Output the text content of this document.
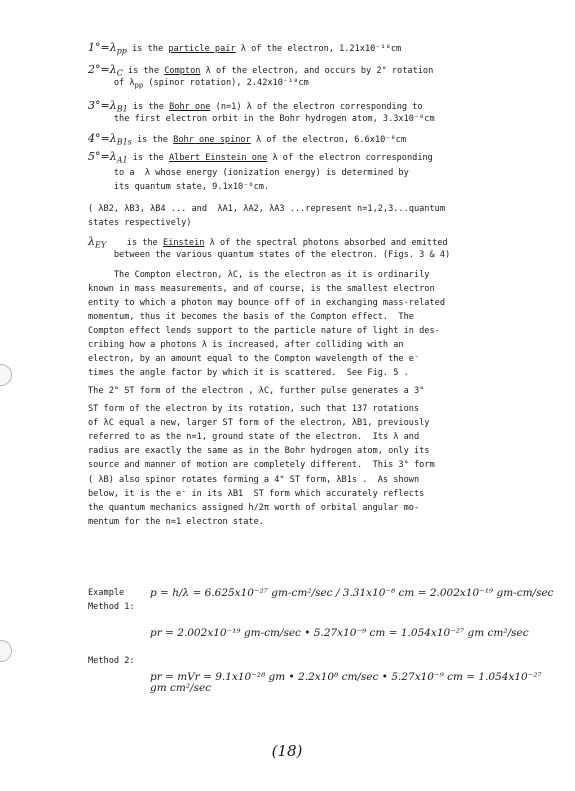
$1^\circ=\lambda_{pp}$ is the particle pair λ of the electron, 1.21x10⁻¹⁰cm
$2^\circ=\lambda_C$ is the Compton λ of the electron, and occurs by 2° rotation
of $\lambda_{pp}$ (spinor rotation), 2.42x10⁻¹⁰cm
$3^\circ=\lambda_{B1}$ is the Bohr one (n=1) λ of the electron corresponding to
the first electron orbit in the Bohr hydrogen atom, 3.3x10⁻⁸cm
$4^\circ=\lambda_{B1s}$ is the Bohr one spinor λ of the electron, 6.6x10⁻⁸cm
$5^\circ=\lambda_{A1}$ is the Albert Einstein one λ of the electron corresponding
to a  λ whose energy (ionization energy) is determined by
its quantum state, 9.1x10⁻⁶cm.
( λB2, λB3, λB4 ... and  λA1, λA2, λA3 ...represent n=1,2,3...quantum
states respectively)
$\lambda_{EY}$    is the Einstein λ of the spectral photons absorbed and emitted
between the various quantum states of the electron. (Figs. 3 & 4)
The Compton electron, λC, is the electron as it is ordinarily
known in mass measurements, and of course, is the smallest electron
entity to which a photon may bounce off of in exchanging mass-related
momentum, thus it becomes the basis of the Compton effect.  The
Compton effect lends support to the particle nature of light in des-
cribing how a photons λ is increased, after colliding with an
electron, by an amount equal to the Compton wavelength of the e⁻
times the angle factor by which it is scattered.  See Fig. 5 .
The 2° ST form of the electron , λC, further pulse generates a 3°
ST form of the electron by its rotation, such that 137 rotations
of λC equal a new, larger ST form of the electron, λB1, previously
referred to as the n=1, ground state of the electron.  Its λ and
radius are exactly the same as in the Bohr hydrogen atom, only its
source and manner of motion are completely different.  This 3° form
( λB) also spinor rotates forming a 4° ST form, λB1s .  As shown
below, it is the e⁻ in its λB1  ST form which accurately reflects
the quantum mechanics assigned h/2π worth of orbital angular mo-
mentum for the n=1 electron state.
Example
Method 1:
p = h/λ = 6.625x10⁻²⁷ gm-cm²/sec / 3.31x10⁻⁸ cm = 2.002x10⁻¹⁹ gm-cm/sec
pr = 2.002x10⁻¹⁹ gm-cm/sec • 5.27x10⁻⁹ cm = 1.054x10⁻²⁷ gm cm²/sec
Method 2:
pr = mVr = 9.1x10⁻²⁸ gm • 2.2x10⁸ cm/sec • 5.27x10⁻⁹ cm = 1.054x10⁻²⁷ gm cm²/sec
(18)
